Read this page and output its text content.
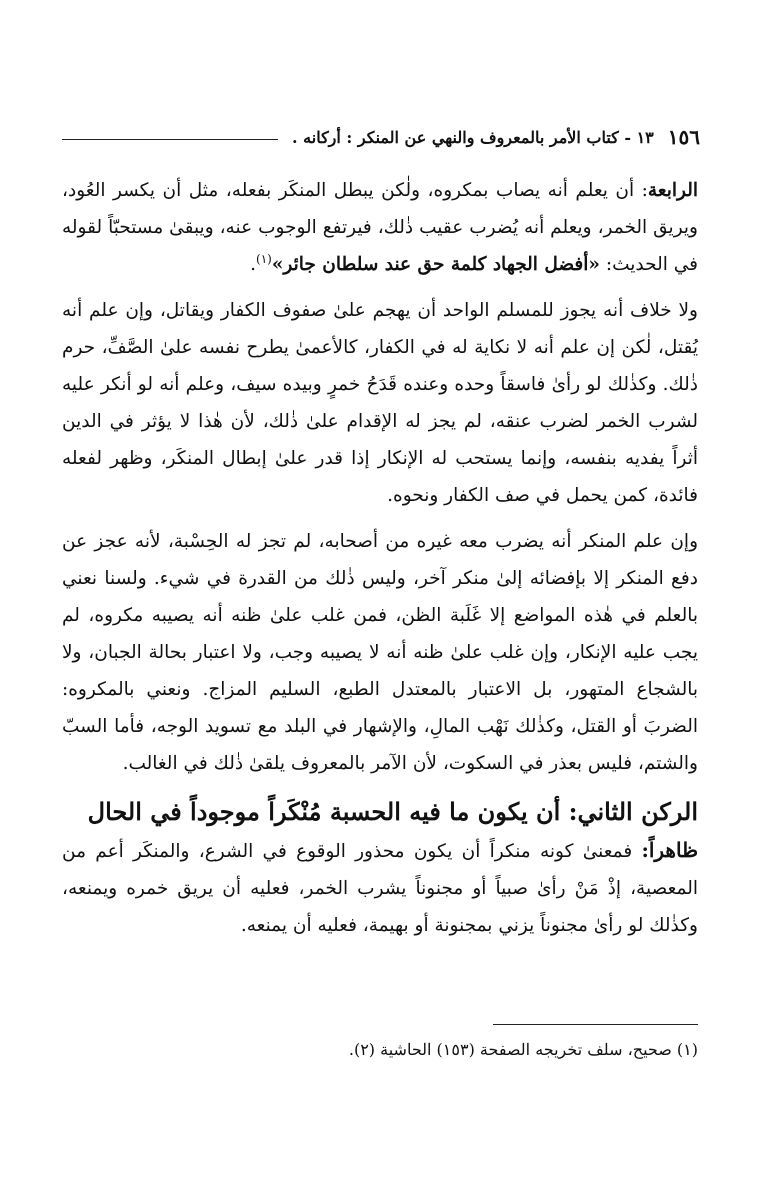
١٥٦
١٣ - كتاب الأمر بالمعروف والنهي عن المنكر : أركانه .

الرابعة: أن يعلم أنه يصاب بمكروه، ولٰكن يبطل المنكَر بفعله، مثل أن يكسر العُود، ويريق الخمر، ويعلم أنه يُضرب عقيب ذٰلك، فيرتفع الوجوب عنه، ويبقىٰ مستحبّاً لقوله في الحديث: «أفضل الجهاد كلمة حق عند سلطان جائر»$^{(١)}$.

ولا خلاف أنه يجوز للمسلم الواحد أن يهجم علىٰ صفوف الكفار ويقاتل، وإن علم أنه يُقتل، لٰكن إن علم أنه لا نكاية له في الكفار، كالأعمىٰ يطرح نفسه علىٰ الصَّفِّ، حرم ذٰلك. وكذٰلك لو رأىٰ فاسقاً وحده وعنده قَدَحُ خمرٍ وبيده سيف، وعلم أنه لو أنكر عليه لشرب الخمر لضرب عنقه، لم يجز له الإقدام علىٰ ذٰلك، لأن هٰذا لا يؤثر في الدين أثراً يفديه بنفسه، وإنما يستحب له الإنكار إذا قدر علىٰ إبطال المنكَر، وظهر لفعله فائدة، كمن يحمل في صف الكفار ونحوه.

وإن علم المنكر أنه يضرب معه غيره من أصحابه، لم تجز له الحِسْبة، لأنه عجز عن دفع المنكر إلا بإفضائه إلىٰ منكر آخر، وليس ذٰلك من القدرة في شيء. ولسنا نعني بالعلم في هٰذه المواضع إلا غَلَبة الظن، فمن غلب علىٰ ظنه أنه يصيبه مكروه، لم يجب عليه الإنكار، وإن غلب علىٰ ظنه أنه لا يصيبه وجب، ولا اعتبار بحالة الجبان، ولا بالشجاع المتهور، بل الاعتبار بالمعتدل الطبع، السليم المزاج. ونعني بالمكروه: الضربَ أو القتل، وكذٰلك نَهْب المالِ، والإشهار في البلد مع تسويد الوجه، فأما السبّ والشتم، فليس بعذر في السكوت، لأن الآمر بالمعروف يلقىٰ ذٰلك في الغالب.

الركن الثاني: أن يكون ما فيه الحسبة مُنْكَراً موجوداً في الحال

ظاهراً: فمعنىٰ كونه منكراً أن يكون محذور الوقوع في الشرع، والمنكَر أعم من المعصية، إذْ مَنْ رأىٰ صبياً أو مجنوناً يشرب الخمر، فعليه أن يريق خمره ويمنعه، وكذٰلك لو رأىٰ مجنوناً يزني بمجنونة أو بهيمة، فعليه أن يمنعه.

(١) صحيح، سلف تخريجه الصفحة (١٥٣) الحاشية (٢).
